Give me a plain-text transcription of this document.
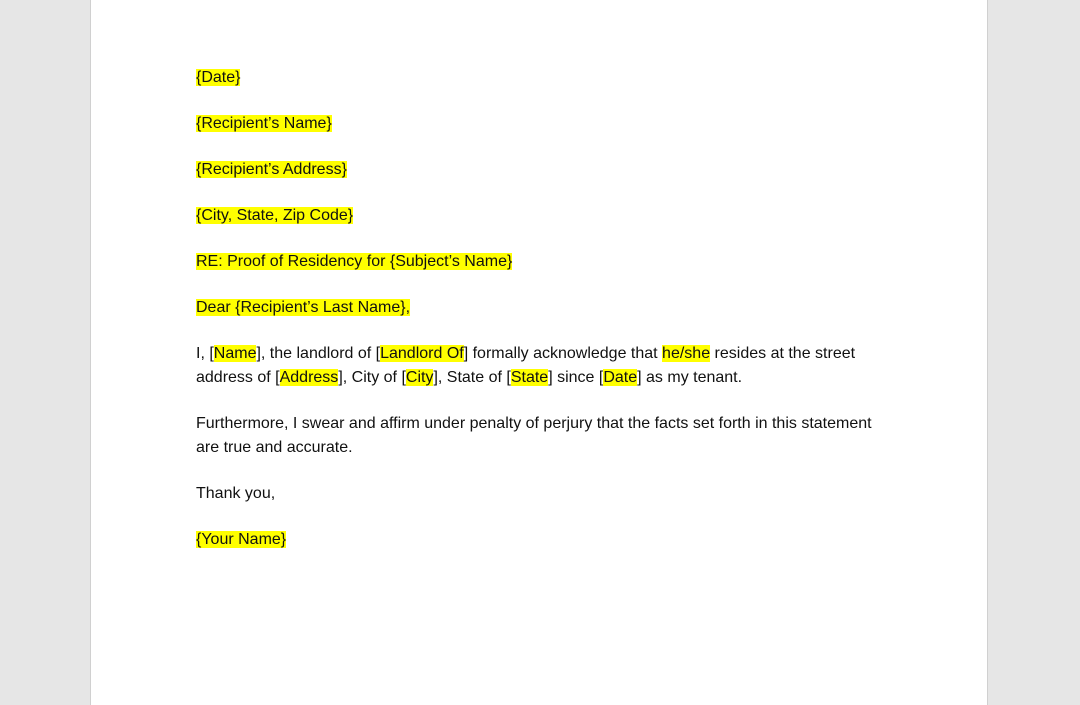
{Date}

{Recipient’s Name}

{Recipient’s Address}

{City, State, Zip Code}

RE: Proof of Residency for {Subject’s Name}

Dear {Recipient’s Last Name},

I, [Name], the landlord of [Landlord Of] formally acknowledge that he/she resides at the street address of [Address], City of [City], State of [State] since [Date] as my tenant.

Furthermore, I swear and affirm under penalty of perjury that the facts set forth in this statement are true and accurate.

Thank you,

{Your Name}
